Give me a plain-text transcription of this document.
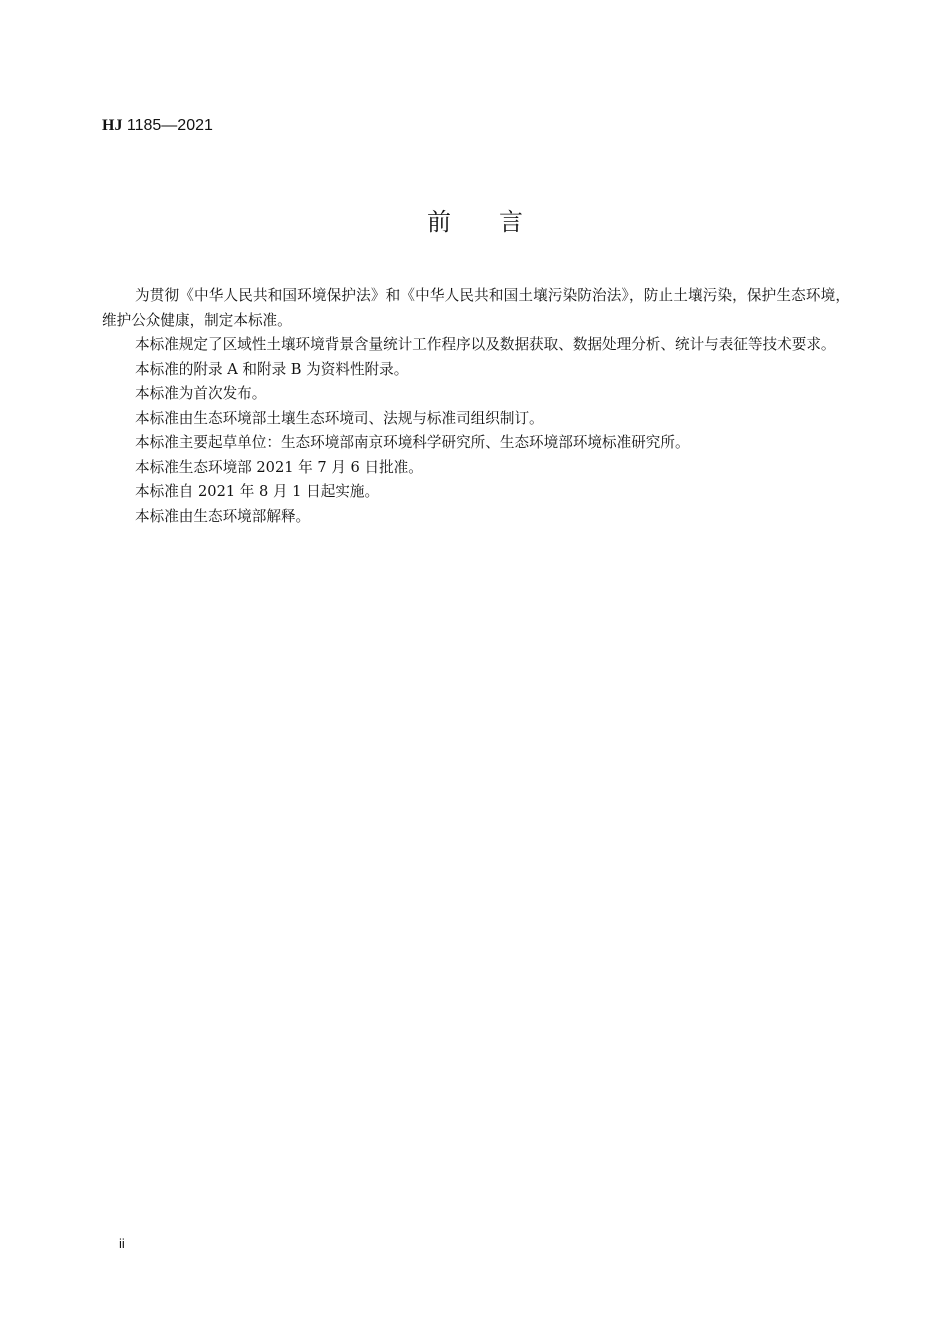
HJ 1185—2021
前　　言

为贯彻《中华人民共和国环境保护法》和《中华人民共和国土壤污染防治法》，防止土壤污染，保护生态环境，维护公众健康，制定本标准。

本标准规定了区域性土壤环境背景含量统计工作程序以及数据获取、数据处理分析、统计与表征等技术要求。

本标准的附录 A 和附录 B 为资料性附录。

本标准为首次发布。

本标准由生态环境部土壤生态环境司、法规与标准司组织制订。

本标准主要起草单位：生态环境部南京环境科学研究所、生态环境部环境标准研究所。

本标准生态环境部 2021 年 7 月 6 日批准。

本标准自 2021 年 8 月 1 日起实施。

本标准由生态环境部解释。

ii
